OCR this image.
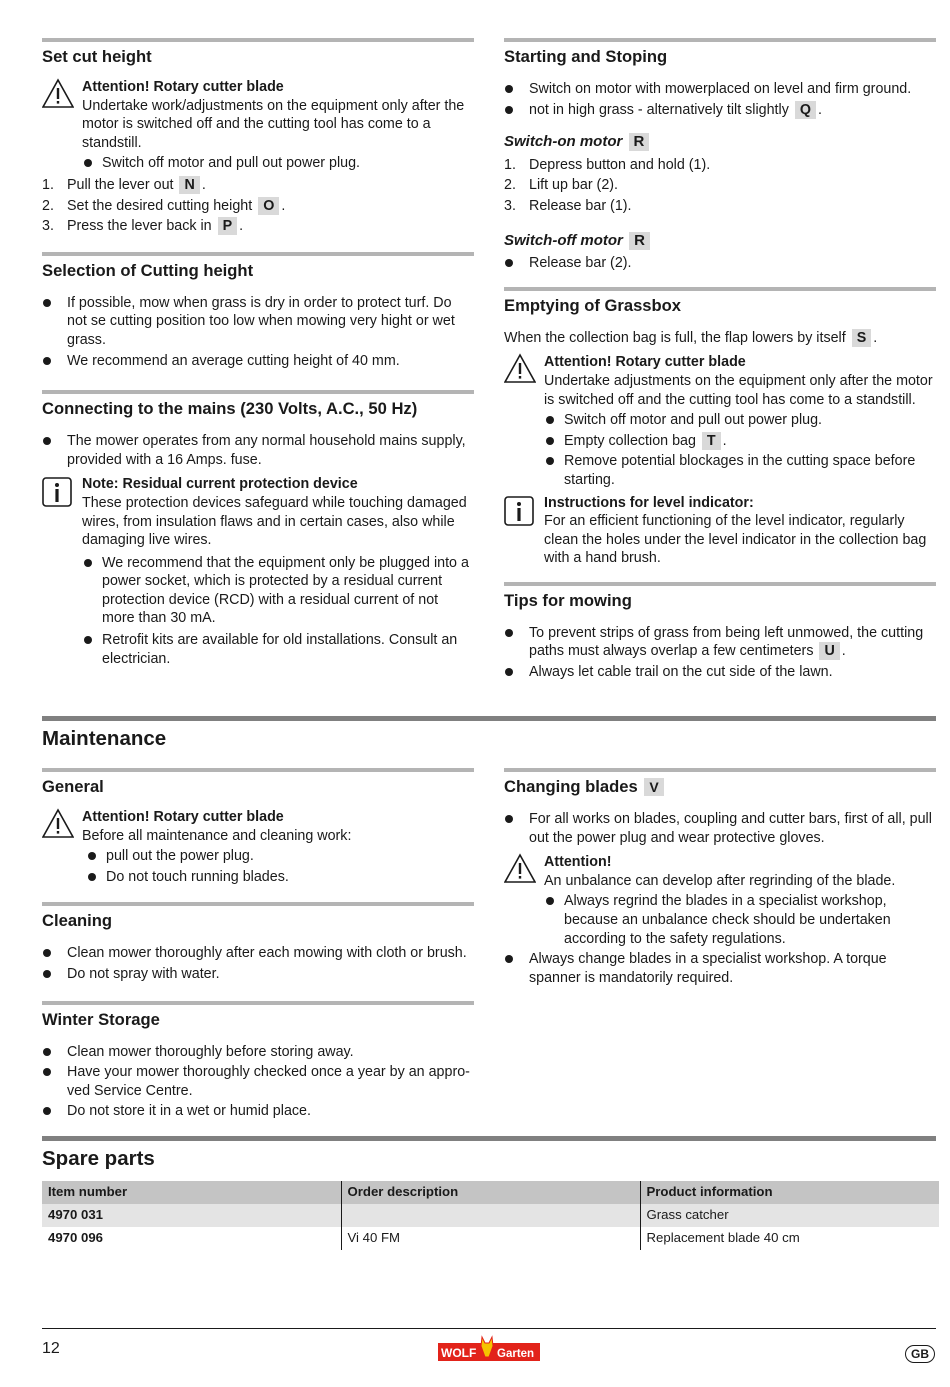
Set cut height
Attention! Rotary cutter blade
Undertake work/adjustments on the equipment only after the motor is switched off and the cutting tool has come to a standstill.
Switch off motor and pull out power plug.
1. Pull the lever out N .
2. Set the desired cutting height O .
3. Press the lever back in P .
Selection of Cutting height
If possible, mow when grass is dry in order to protect turf. Do not se cutting position too low when mowing very hight or wet grass.
We recommend an average cutting height of 40 mm.
Connecting to the mains (230 Volts, A.C., 50 Hz)
The mower operates from any normal household mains supply, provided with a 16 Amps. fuse.
Note: Residual current protection device
These protection devices safeguard while touching damaged wires, from insulation flaws and in certain cases, also while damaging live wires.
We recommend that the equipment only be plugged into a power socket, which is protected by a residual current protection device (RCD) with a residual current of not more than 30 mA.
Retrofit kits are available for old installations. Consult an electrician.
Starting and Stoping
Switch on motor with mowerplaced on level and firm ground.
not in high grass - alternatively tilt slightly Q .
Switch-on motor R
1. Depress button and hold (1).
2. Lift up bar (2).
3. Release bar (1).
Switch-off motor R
Release bar (2).
Emptying of Grassbox

When the collection bag is full, the flap lowers by itself S .

Attention! Rotary cutter blade
Undertake adjustments on the equipment only after the motor is switched off and the cutting tool has come to a standstill.
Switch off motor and pull out power plug.
Empty collection bag T .
Remove potential blockages in the cutting space before starting.
Instructions for level indicator:
For an efficient functioning of the level indicator, regularly clean the holes under the level indicator in the collection bag with a hand brush.
Tips for mowing
To prevent strips of grass from being left unmowed, the cutting paths must always overlap a few centimeters U .
Always let cable trail on the cut side of the lawn.
Maintenance
General
Attention! Rotary cutter blade
Before all maintenance and cleaning work:
pull out the power plug.
Do not touch running blades.
Cleaning
Clean mower thoroughly after each mowing with cloth or brush.
Do not spray with water.
Winter Storage
Clean mower thoroughly before storing away.
Have your mower thoroughly checked once a year by an appro-ved Service Centre.
Do not store it in a wet or humid place.
Changing blades V
For all works on blades, coupling and cutter bars, first of all, pull out the power plug and wear protective gloves.
Attention!
An unbalance can develop after regrinding of the blade.
Always regrind the blades in a specialist workshop, because an unbalance check should be undertaken according to the safety regulations.
Always change blades in a specialist workshop. A torque spanner is mandatorily required.
Spare parts
Item number	Order description	Product information
4970 031		Grass catcher
4970 096	Vi 40 FM	Replacement blade 40 cm
12	WOLF Garten	GB
